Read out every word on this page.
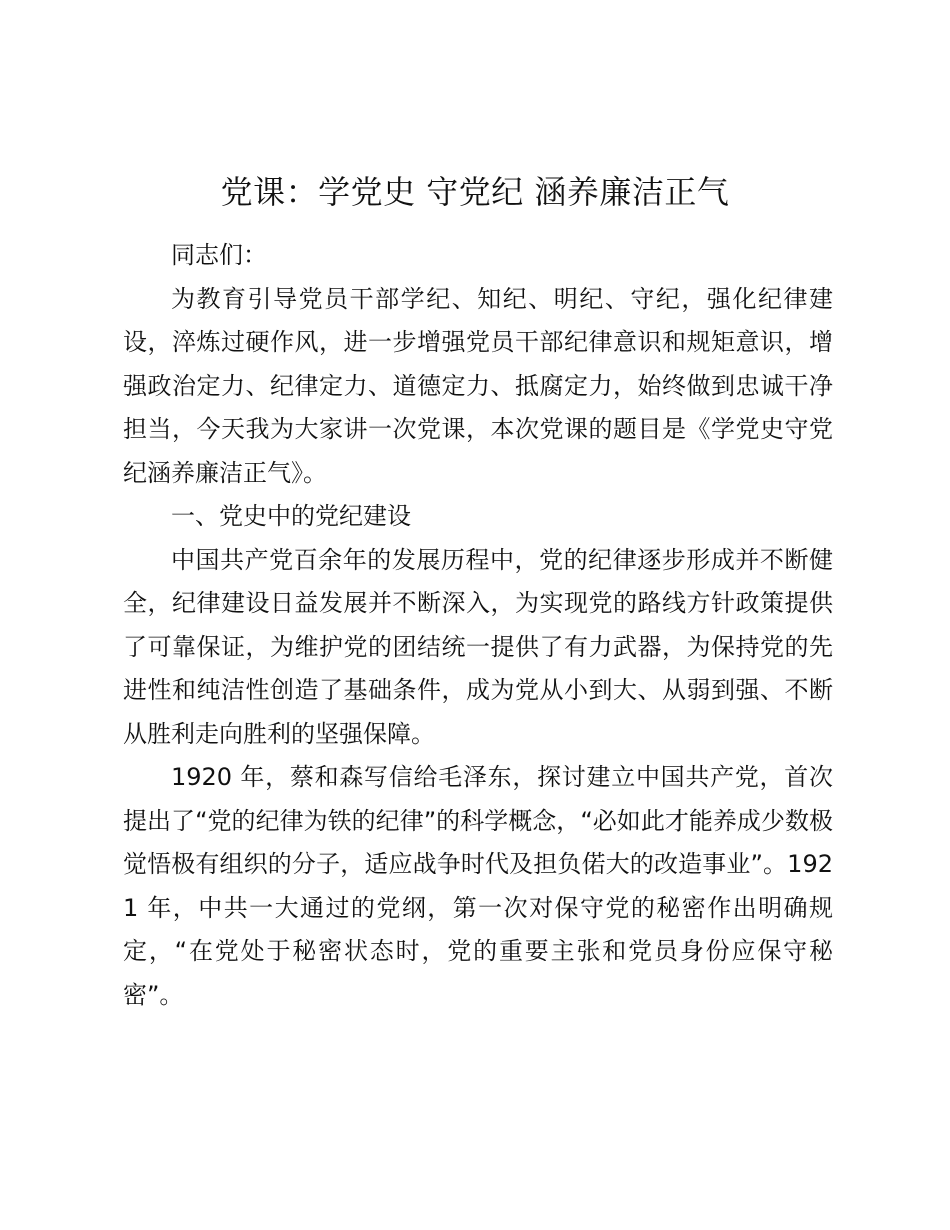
党课：学党史 守党纪 涵养廉洁正气

同志们：

为教育引导党员干部学纪、知纪、明纪、守纪，强化纪律建设，淬炼过硬作风，进一步增强党员干部纪律意识和规矩意识，增强政治定力、纪律定力、道德定力、抵腐定力，始终做到忠诚干净担当，今天我为大家讲一次党课，本次党课的题目是《学党史守党纪涵养廉洁正气》。

一、党史中的党纪建设

中国共产党百余年的发展历程中，党的纪律逐步形成并不断健全，纪律建设日益发展并不断深入，为实现党的路线方针政策提供了可靠保证，为维护党的团结统一提供了有力武器，为保持党的先进性和纯洁性创造了基础条件，成为党从小到大、从弱到强、不断从胜利走向胜利的坚强保障。

1920 年，蔡和森写信给毛泽东，探讨建立中国共产党，首次提出了“党的纪律为铁的纪律”的科学概念，“必如此才能养成少数极觉悟极有组织的分子，适应战争时代及担负偌大的改造事业”。1921 年，中共一大通过的党纲，第一次对保守党的秘密作出明确规定，“在党处于秘密状态时，党的重要主张和党员身份应保守秘密”。
